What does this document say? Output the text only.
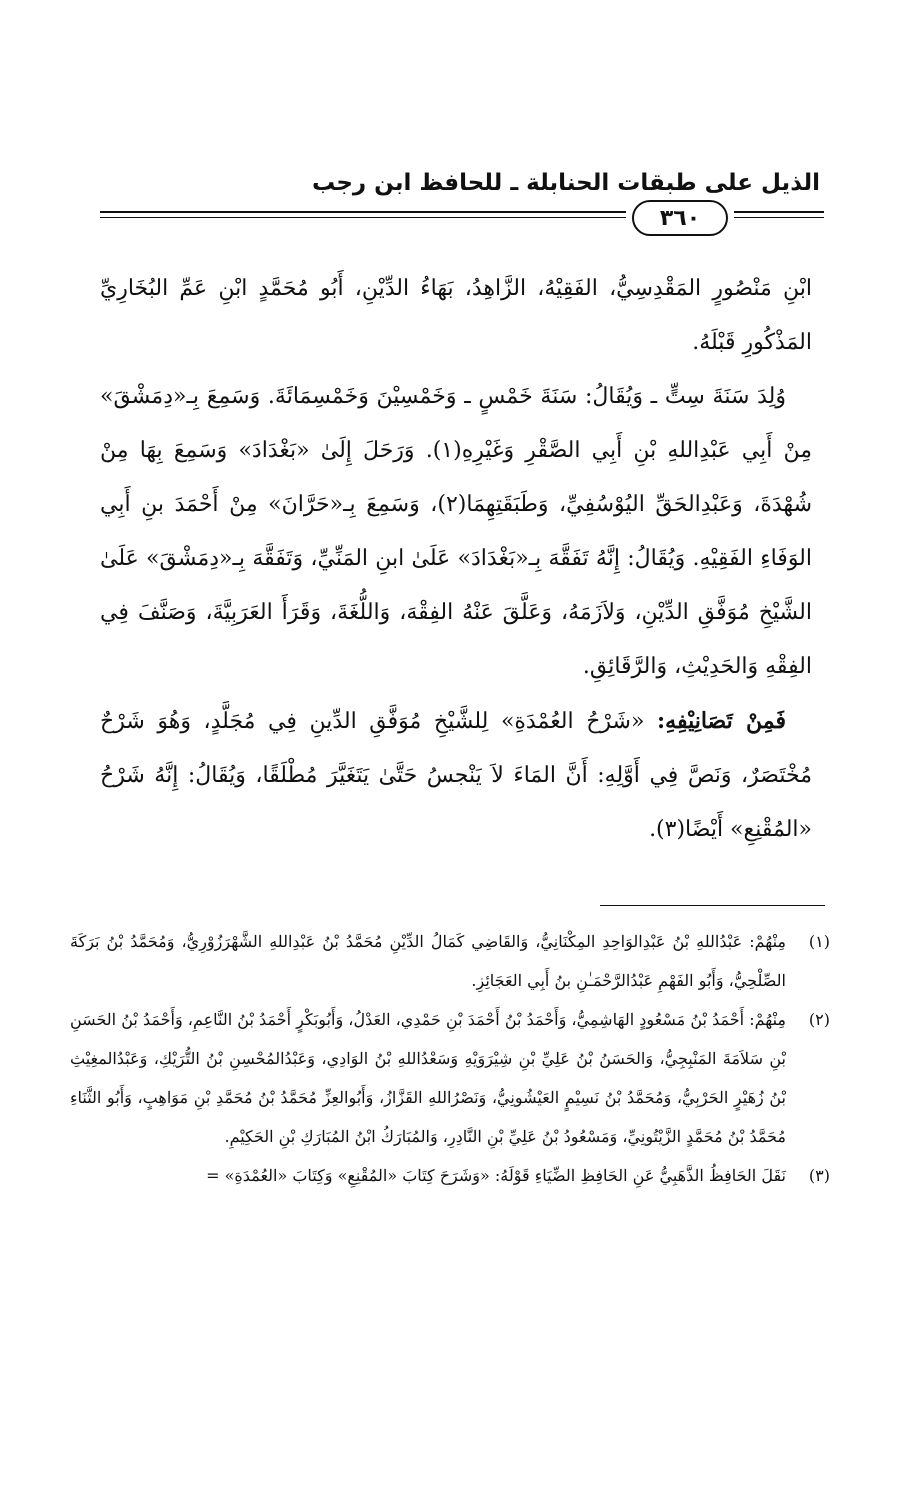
الذيل على طبقات الحنابلة ـ للحافظ ابن رجب
٣٦٠

ابْنِ مَنْصُورٍ المَقْدِسِيُّ، الفَقِيْهُ، الزَّاهِدُ، بَهَاءُ الدِّيْنِ، أَبُو مُحَمَّدٍ ابْنِ عَمِّ البُخَارِيِّ المَذْكُورِ قَبْلَهُ.

وُلِدَ سَنَةَ سِتٍّ ـ وَيُقَالُ: سَنَةَ خَمْسٍ ـ وَخَمْسِيْنَ وَخَمْسِمَائَةَ. وَسَمِعَ بِـ«دِمَشْقَ» مِنْ أَبِي عَبْدِاللهِ بْنِ أَبِي الصَّقْرِ وَغَيْرِهِ(١). وَرَحَلَ إِلَىٰ «بَغْدَادَ» وَسَمِعَ بِهَا مِنْ شُهْدَةَ، وَعَبْدِالحَقِّ اليُوْسُفِيِّ، وَطَبَقَتِهِمَا(٢)، وَسَمِعَ بِـ«حَرَّانَ» مِنْ أَحْمَدَ بنِ أَبِي الوَفَاءِ الفَقِيْهِ. وَيُقَالُ: إِنَّهُ تَفَقَّهَ بِـ«بَغْدَادَ» عَلَىٰ ابنِ المَنِّيِّ، وَتَفَقَّهَ بِـ«دِمَشْقَ» عَلَىٰ الشَّيْخِ مُوَفَّقِ الدِّيْنِ، وَلاَزَمَهُ، وَعَلَّقَ عَنْهُ الفِقْهَ، وَاللُّغَةَ، وَقَرَأَ العَرَبِيَّةَ، وَصَنَّفَ فِي الفِقْهِ وَالحَدِيْثِ، وَالرَّقَائِقِ.

فَمِنْ تَصَانِيْفِهِ: «شَرْحُ العُمْدَةِ» لِلشَّيْخِ مُوَفَّقِ الدِّينِ فِي مُجَلَّدٍ، وَهُوَ شَرْحٌ مُخْتَصَرٌ، وَنَصَّ فِي أَوَّلِهِ: أَنَّ المَاءَ لاَ يَنْجسُ حَتَّىٰ يَتَغَيَّرَ مُطْلَقًا، وَيُقَالُ: إِنَّهُ شَرْحُ «المُقْنِعِ» أَيْضًا(٣).

(١)
مِنْهُمْ: عَبْدُاللهِ بْنُ عَبْدِالوَاحِدِ المِكْنَانِيُّ، وَالقَاضِي كَمَالُ الدِّيْنِ مُحَمَّدُ بْنُ عَبْدِاللهِ الشَّهْرَزُوْرِيُّ، وَمُحَمَّدُ بْنُ بَرَكَةَ الصِّلْحِيُّ، وَأَبُو الفَهْمِ عَبْدُالرَّحْمَـٰنِ بنُ أَبِي العَجَائِزِ.
(٢)
مِنْهُمْ: أَحْمَدُ بْنُ مَسْعُودٍ الهَاشِمِيُّ، وَأَحْمَدُ بْنُ أَحْمَدَ بْنِ حَمْدِي، العَدْلُ، وَأَبُوبَكْرٍ أَحْمَدُ بْنُ النَّاعِمِ، وَأَحْمَدُ بْنُ الحَسَنِ بْنِ سَلاَمَةَ المَنْبِجِيُّ، وَالحَسَنُ بْنُ عَلِيِّ بْنِ شِيْرَوَيْهِ وَسَعْدُاللهِ بْنُ الوَادِي، وَعَبْدُالمُحْسِنِ بْنُ التُّرَيْكِ، وَعَبْدُالمغِيْثِ بْنُ زُهَيْرٍ الحَرْبِيُّ، وَمُحَمَّدُ بْنُ نَسِيْمٍ العَيْشُونِيُّ، وَنَصْرُاللهِ القَزَّازُ، وَأَبُوالعِزِّ مُحَمَّدُ بْنُ مُحَمَّدِ بْنِ مَوَاهِبٍ، وَأَبُو الثَّنَاءِ مُحَمَّدُ بْنُ مُحَمَّدٍ الزَّيْتُونِيِّ، وَمَسْعُودُ بْنُ عَلِيِّ بْنِ النَّادِرِ، وَالمُبَارَكُ ابْنُ المُبَارَكِ بْنِ الحَكِيْمِ.
(٣)
نَقَلَ الحَافِظُ الذَّهَبِيُّ عَنِ الحَافِظِ الضِّيَاءِ قَوْلَهُ: «وَشَرَحَ كِتَابَ «المُقْنِعِ» وَكِتَابَ «العُمْدَةِ» =
